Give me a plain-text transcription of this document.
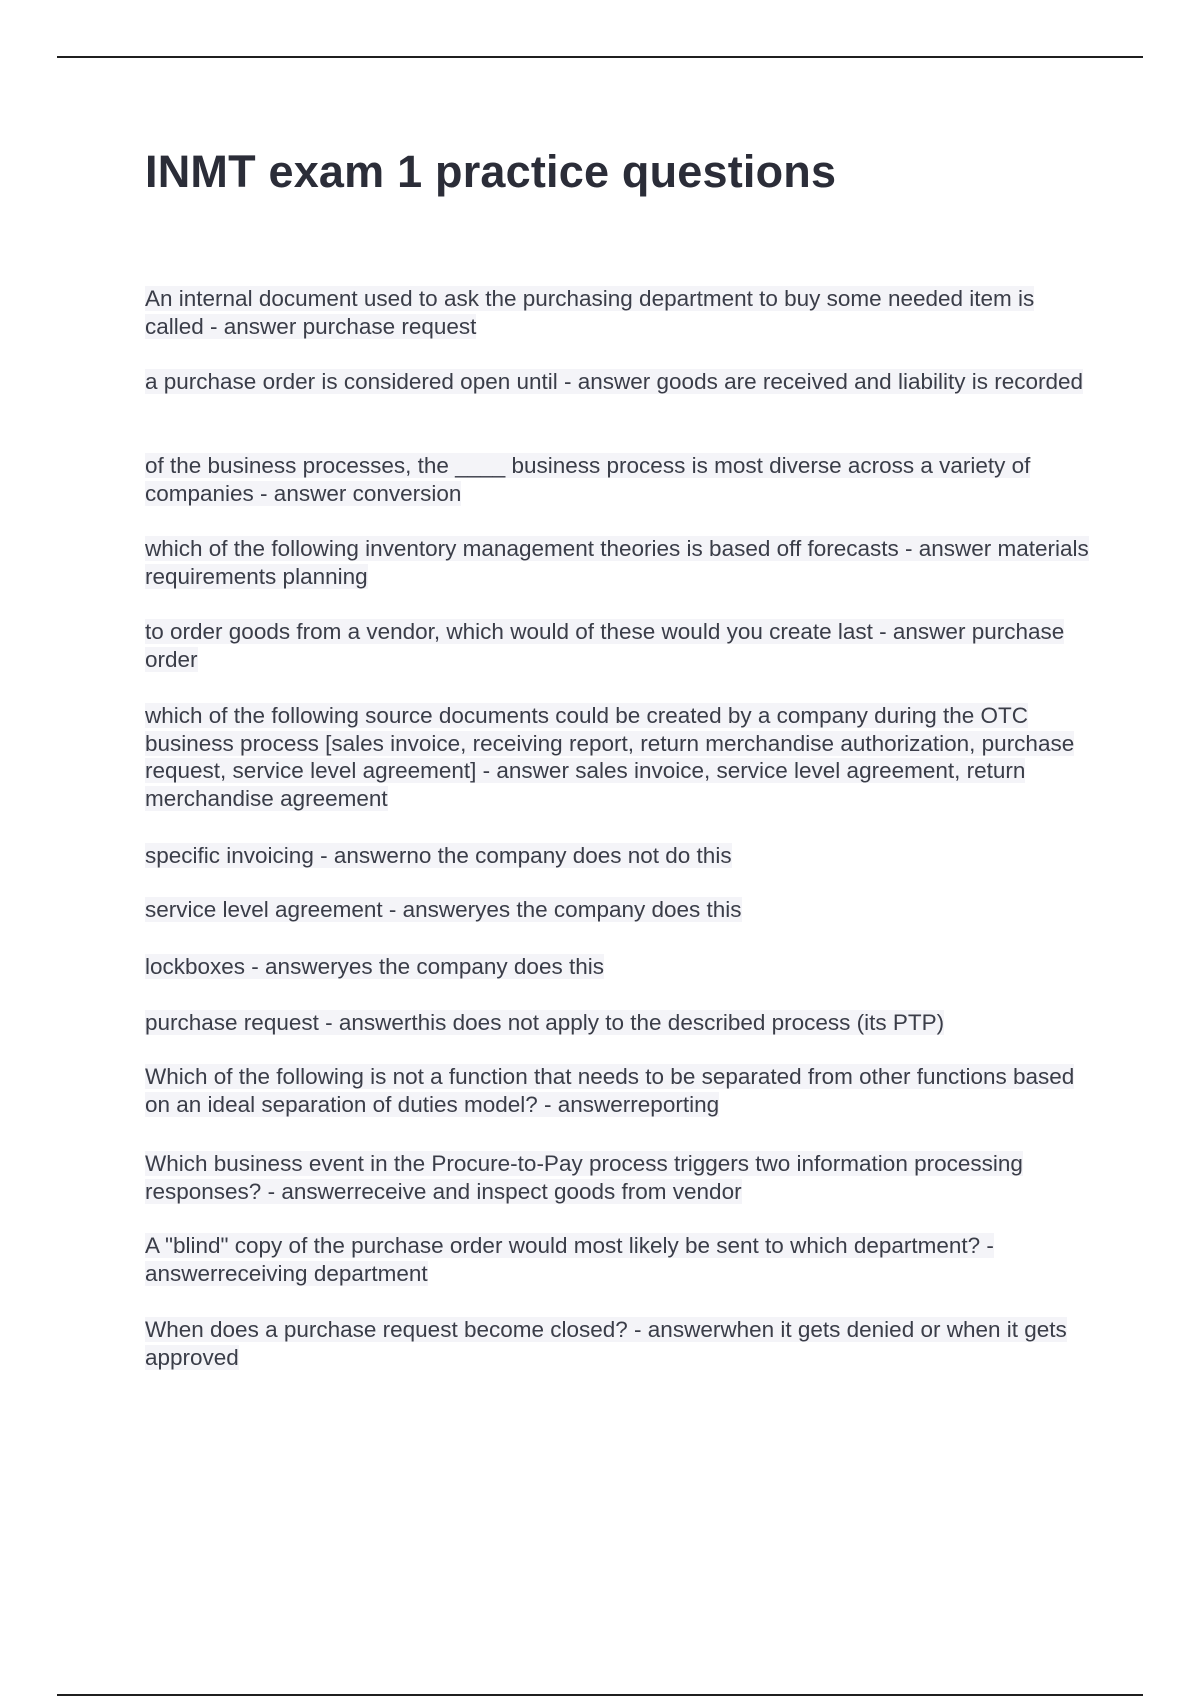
INMT exam 1 practice questions

An internal document used to ask the purchasing department to buy some needed item is called - answer purchase request

a purchase order is considered open until - answer goods are received and liability is recorded

of the business processes, the ____ business process is most diverse across a variety of companies - answer conversion

which of the following inventory management theories is based off forecasts - answer materials requirements planning

to order goods from a vendor, which would of these would you create last - answer purchase order

which of the following source documents could be created by a company during the OTC business process [sales invoice, receiving report, return merchandise authorization, purchase request, service level agreement] - answer sales invoice, service level agreement, return merchandise agreement

specific invoicing - answerno the company does not do this

service level agreement - answeryes the company does this

lockboxes - answeryes the company does this

purchase request - answerthis does not apply to the described process (its PTP)

Which of the following is not a function that needs to be separated from other functions based on an ideal separation of duties model? - answerreporting

Which business event in the Procure-to-Pay process triggers two information processing responses? - answerreceive and inspect goods from vendor

A "blind" copy of the purchase order would most likely be sent to which department? - answerreceiving department

When does a purchase request become closed? - answerwhen it gets denied or when it gets approved
